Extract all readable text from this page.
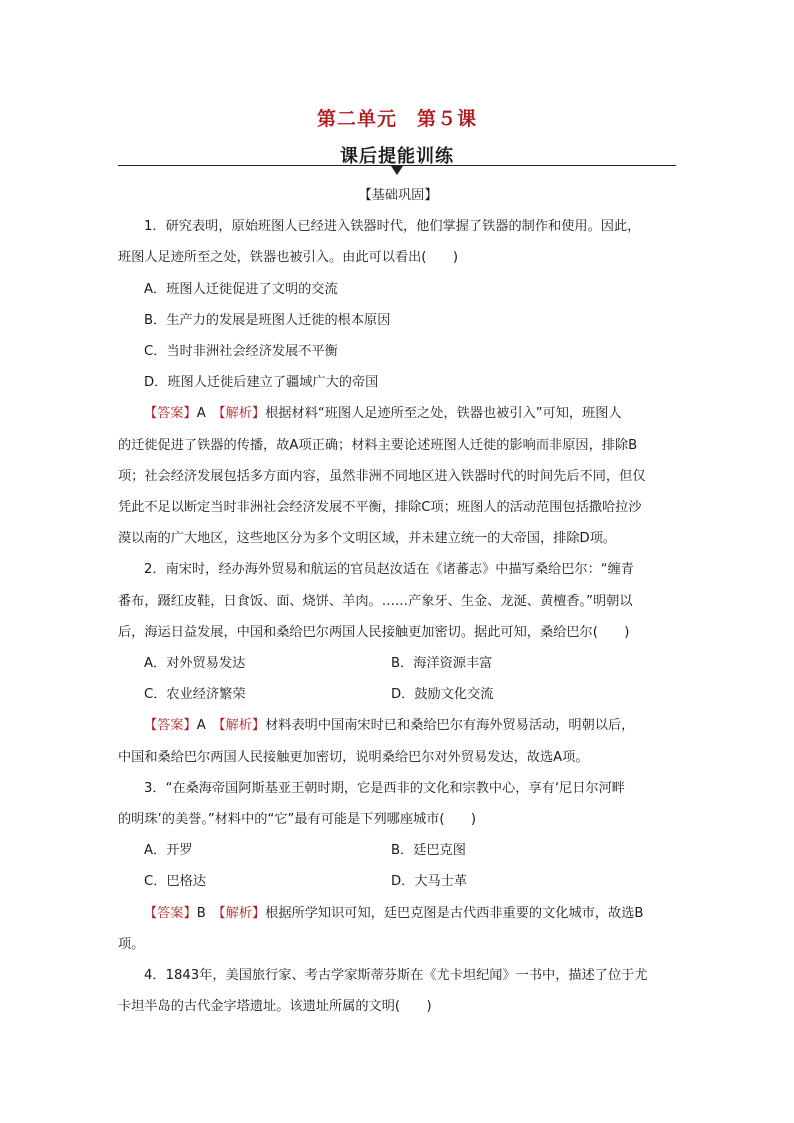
第二单元　第５课
课后提能训练

【基础巩固】

1．研究表明，原始班图人已经进入铁器时代，他们掌握了铁器的制作和使用。因此，

班图人足迹所至之处，铁器也被引入。由此可以看出(　　)

A．班图人迁徙促进了文明的交流

B．生产力的发展是班图人迁徙的根本原因

C．当时非洲社会经济发展不平衡

D．班图人迁徙后建立了疆域广大的帝国

【答案】A　 【解析】根据材料“班图人足迹所至之处，铁器也被引入”可知，班图人

的迁徙促进了铁器的传播，故A项正确；材料主要论述班图人迁徙的影响而非原因，排除B

项；社会经济发展包括多方面内容，虽然非洲不同地区进入铁器时代的时间先后不同，但仅

凭此不足以断定当时非洲社会经济发展不平衡，排除C项；班图人的活动范围包括撒哈拉沙

漠以南的广大地区，这些地区分为多个文明区域，并未建立统一的大帝国，排除D项。

2．南宋时，经办海外贸易和航运的官员赵汝适在《诸蕃志》中描写桑给巴尔：“缠青

番布，蹑红皮鞋，日食饭、面、烧饼、羊肉。……产象牙、生金、龙涎、黄檀香。”明朝以

后，海运日益发展，中国和桑给巴尔两国人民接触更加密切。据此可知，桑给巴尔(　　)

A．对外贸易发达	B．海洋资源丰富
C．农业经济繁荣	D．鼓励文化交流

【答案】A　 【解析】材料表明中国南宋时已和桑给巴尔有海外贸易活动，明朝以后，

中国和桑给巴尔两国人民接触更加密切，说明桑给巴尔对外贸易发达，故选A项。

3．“在桑海帝国阿斯基亚王朝时期，它是西非的文化和宗教中心，享有‘尼日尔河畔

的明珠’的美誉。”材料中的“它”最有可能是下列哪座城市(　　)

A．开罗	B．廷巴克图
C．巴格达	D．大马士革

【答案】B　 【解析】根据所学知识可知，廷巴克图是古代西非重要的文化城市，故选B

项。

4．1843年，美国旅行家、考古学家斯蒂芬斯在《尤卡坦纪闻》一书中，描述了位于尤

卡坦半岛的古代金字塔遗址。该遗址所属的文明(　　)
